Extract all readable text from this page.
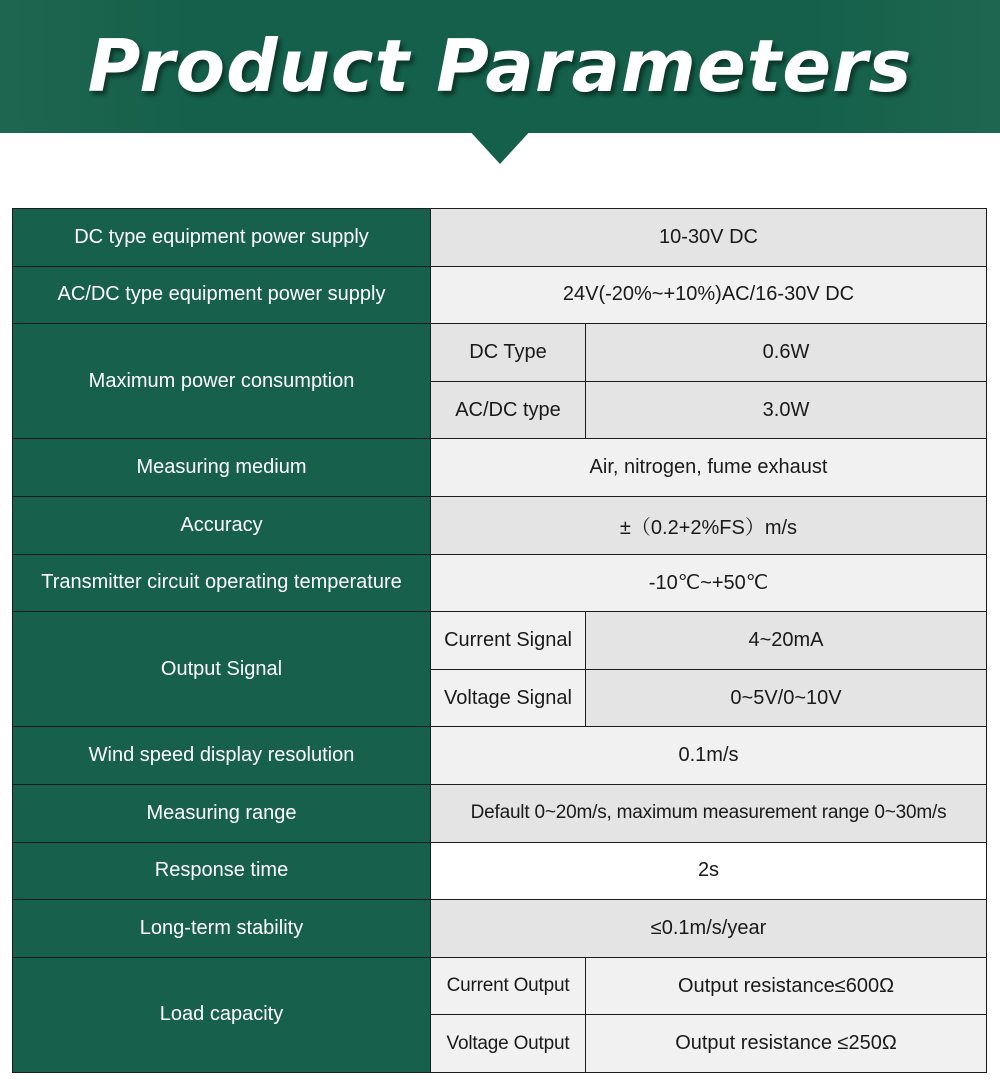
Product Parameters
DC type equipment power supply	10-30V DC	
AC/DC type equipment power supply	24V(-20%~+10%)AC/16-30V DC	
Maximum power consumption	DC Type	0.6W
	AC/DC type	3.0W
Measuring medium	Air, nitrogen, fume exhaust	
Accuracy	±（0.2+2%FS）m/s	
Transmitter circuit operating temperature	-10℃~+50℃	
Output Signal	Current Signal	4~20mA
	Voltage Signal	0~5V/0~10V
Wind speed display resolution	0.1m/s	
Measuring range	Default 0~20m/s, maximum measurement range 0~30m/s	
Response time	2s	
Long-term stability	≤0.1m/s/year	
Load capacity	Current Output	Output resistance≤600Ω
	Voltage Output	Output resistance ≤250Ω
